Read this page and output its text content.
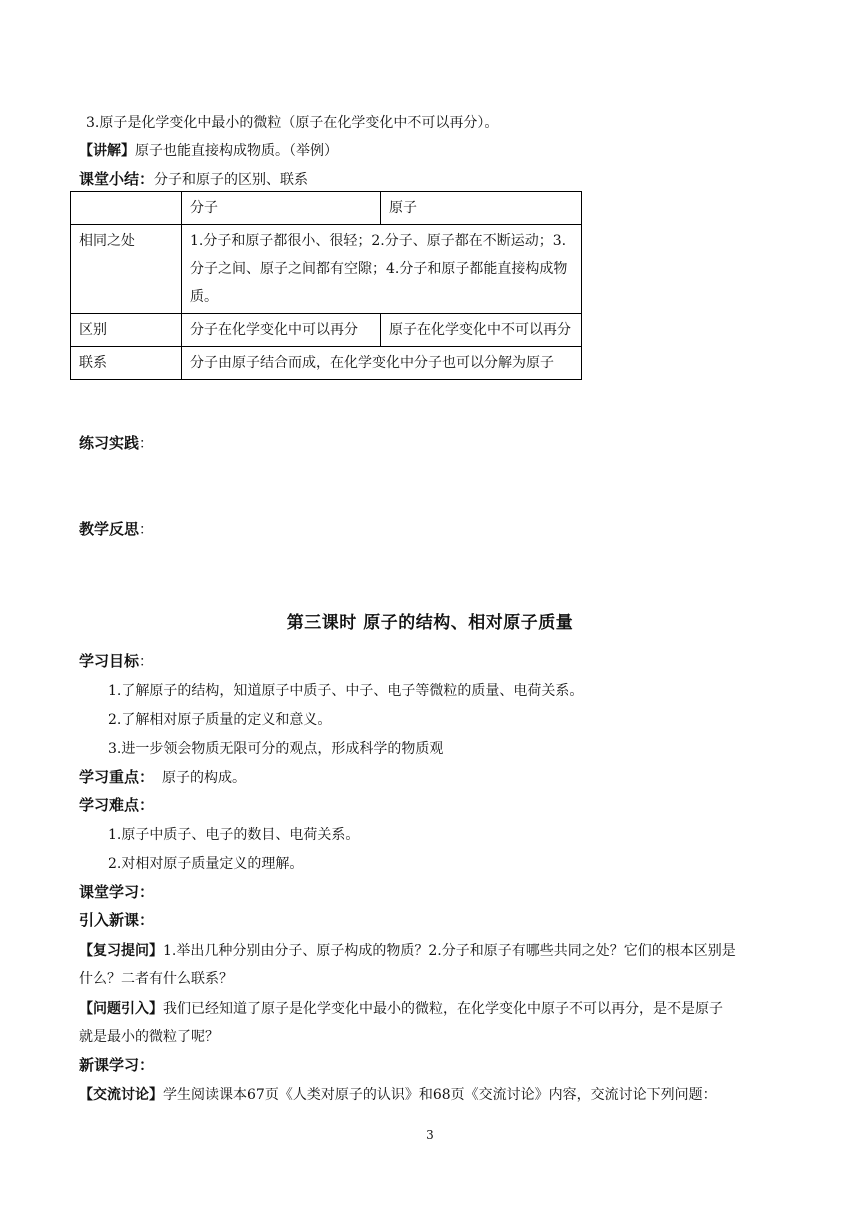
3.原子是化学变化中最小的微粒（原子在化学变化中不可以再分）。
【讲解】原子也能直接构成物质。（举例）
课堂小结：分子和原子的区别、联系
	分子	原子
相同之处	1.分子和原子都很小、很轻；2.分子、原子都在不断运动；3.分子之间、原子之间都有空隙；4.分子和原子都能直接构成物质。	
区别	分子在化学变化中可以再分	原子在化学变化中不可以再分
联系	分子由原子结合而成，在化学变化中分子也可以分解为原子	
练习实践：
教学反思：
第三课时 原子的结构、相对原子质量
学习目标：
1.了解原子的结构，知道原子中质子、中子、电子等微粒的质量、电荷关系。
2.了解相对原子质量的定义和意义。
3.进一步领会物质无限可分的观点，形成科学的物质观
学习重点： 原子的构成。
学习难点：
1.原子中质子、电子的数目、电荷关系。
2.对相对原子质量定义的理解。
课堂学习：
引入新课：
【复习提问】1.举出几种分别由分子、原子构成的物质？2.分子和原子有哪些共同之处？它们的根本区别是
什么？二者有什么联系？
【问题引入】我们已经知道了原子是化学变化中最小的微粒，在化学变化中原子不可以再分，是不是原子
就是最小的微粒了呢？
新课学习：
【交流讨论】学生阅读课本67页《人类对原子的认识》和68页《交流讨论》内容，交流讨论下列问题：
3
